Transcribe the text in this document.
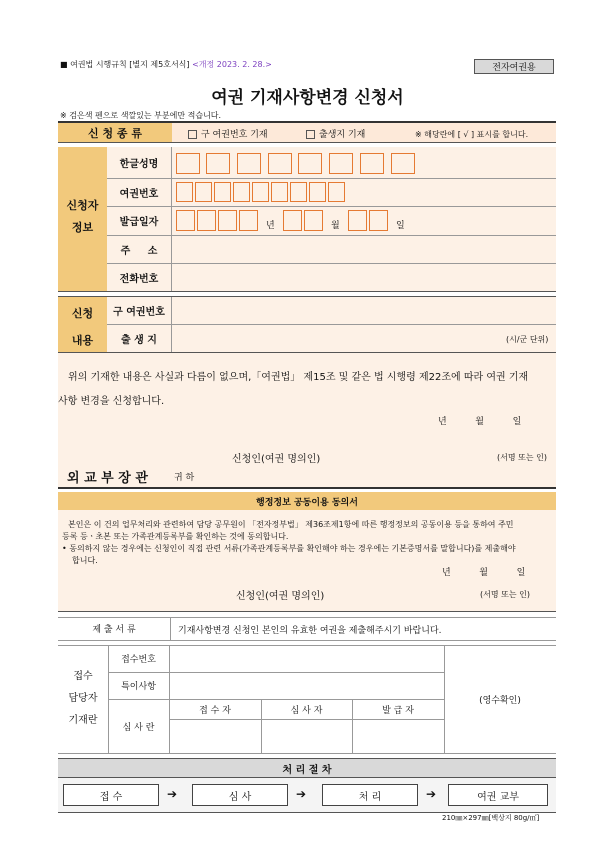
■ 여권법 시행규칙 [별지 제5호서식] <개정 2023. 2. 28.>	전자여권용
여권 기재사항변경 신청서
※ 검은색 펜으로 색깔있는 부분에만 적습니다.
신 청 종 류	구 여권번호 기재	출생지 기재	※ 해당란에 [ √ ] 표시를 합니다.
신청자
정보
한글성명
여권번호
발급일자
주     소
전화번호
년	월	일
신청
내용
구 여권번호
출 생 지	(시/군 단위)
위의 기재한 내용은 사실과 다름이 없으며,「여권법」 제15조 및 같은 법 시행령 제22조에 따라 여권 기재
사항 변경을 신청합니다.
년          월          일
신청인(여권 명의인)	(서명 또는 인)
외 교 부 장 관	귀 하
행정정보 공동이용 동의서
본인은 이 건의 업무처리와 관련하여 담당 공무원이 「전자정부법」 제36조제1항에 따른 행정정보의 공동이용 등을 통하여 주민
등록 등ㆍ초본 또는 가족관계등록부를 확인하는 것에 동의합니다.
• 동의하지 않는 경우에는 신청인이 직접 관련 서류(가족관계등록부를 확인해야 하는 경우에는 기본증명서를 말합니다)를 제출해야
합니다.
년          월          일
신청인(여권 명의인)	(서명 또는 인)
제 출 서 류	기재사항변경 신청인 본인의 유효한 여권을 제출해주시기 바랍니다.
접수
담당자
기재란
접수번호
특이사항
심 사 란
접 수 자	심 사 자	발 급 자
(영수확인)
처 리 절 차
접 수	➔	심 사	➔	처 리	➔	여권 교부
210㎜×297㎜[백상지 80g/㎡]
